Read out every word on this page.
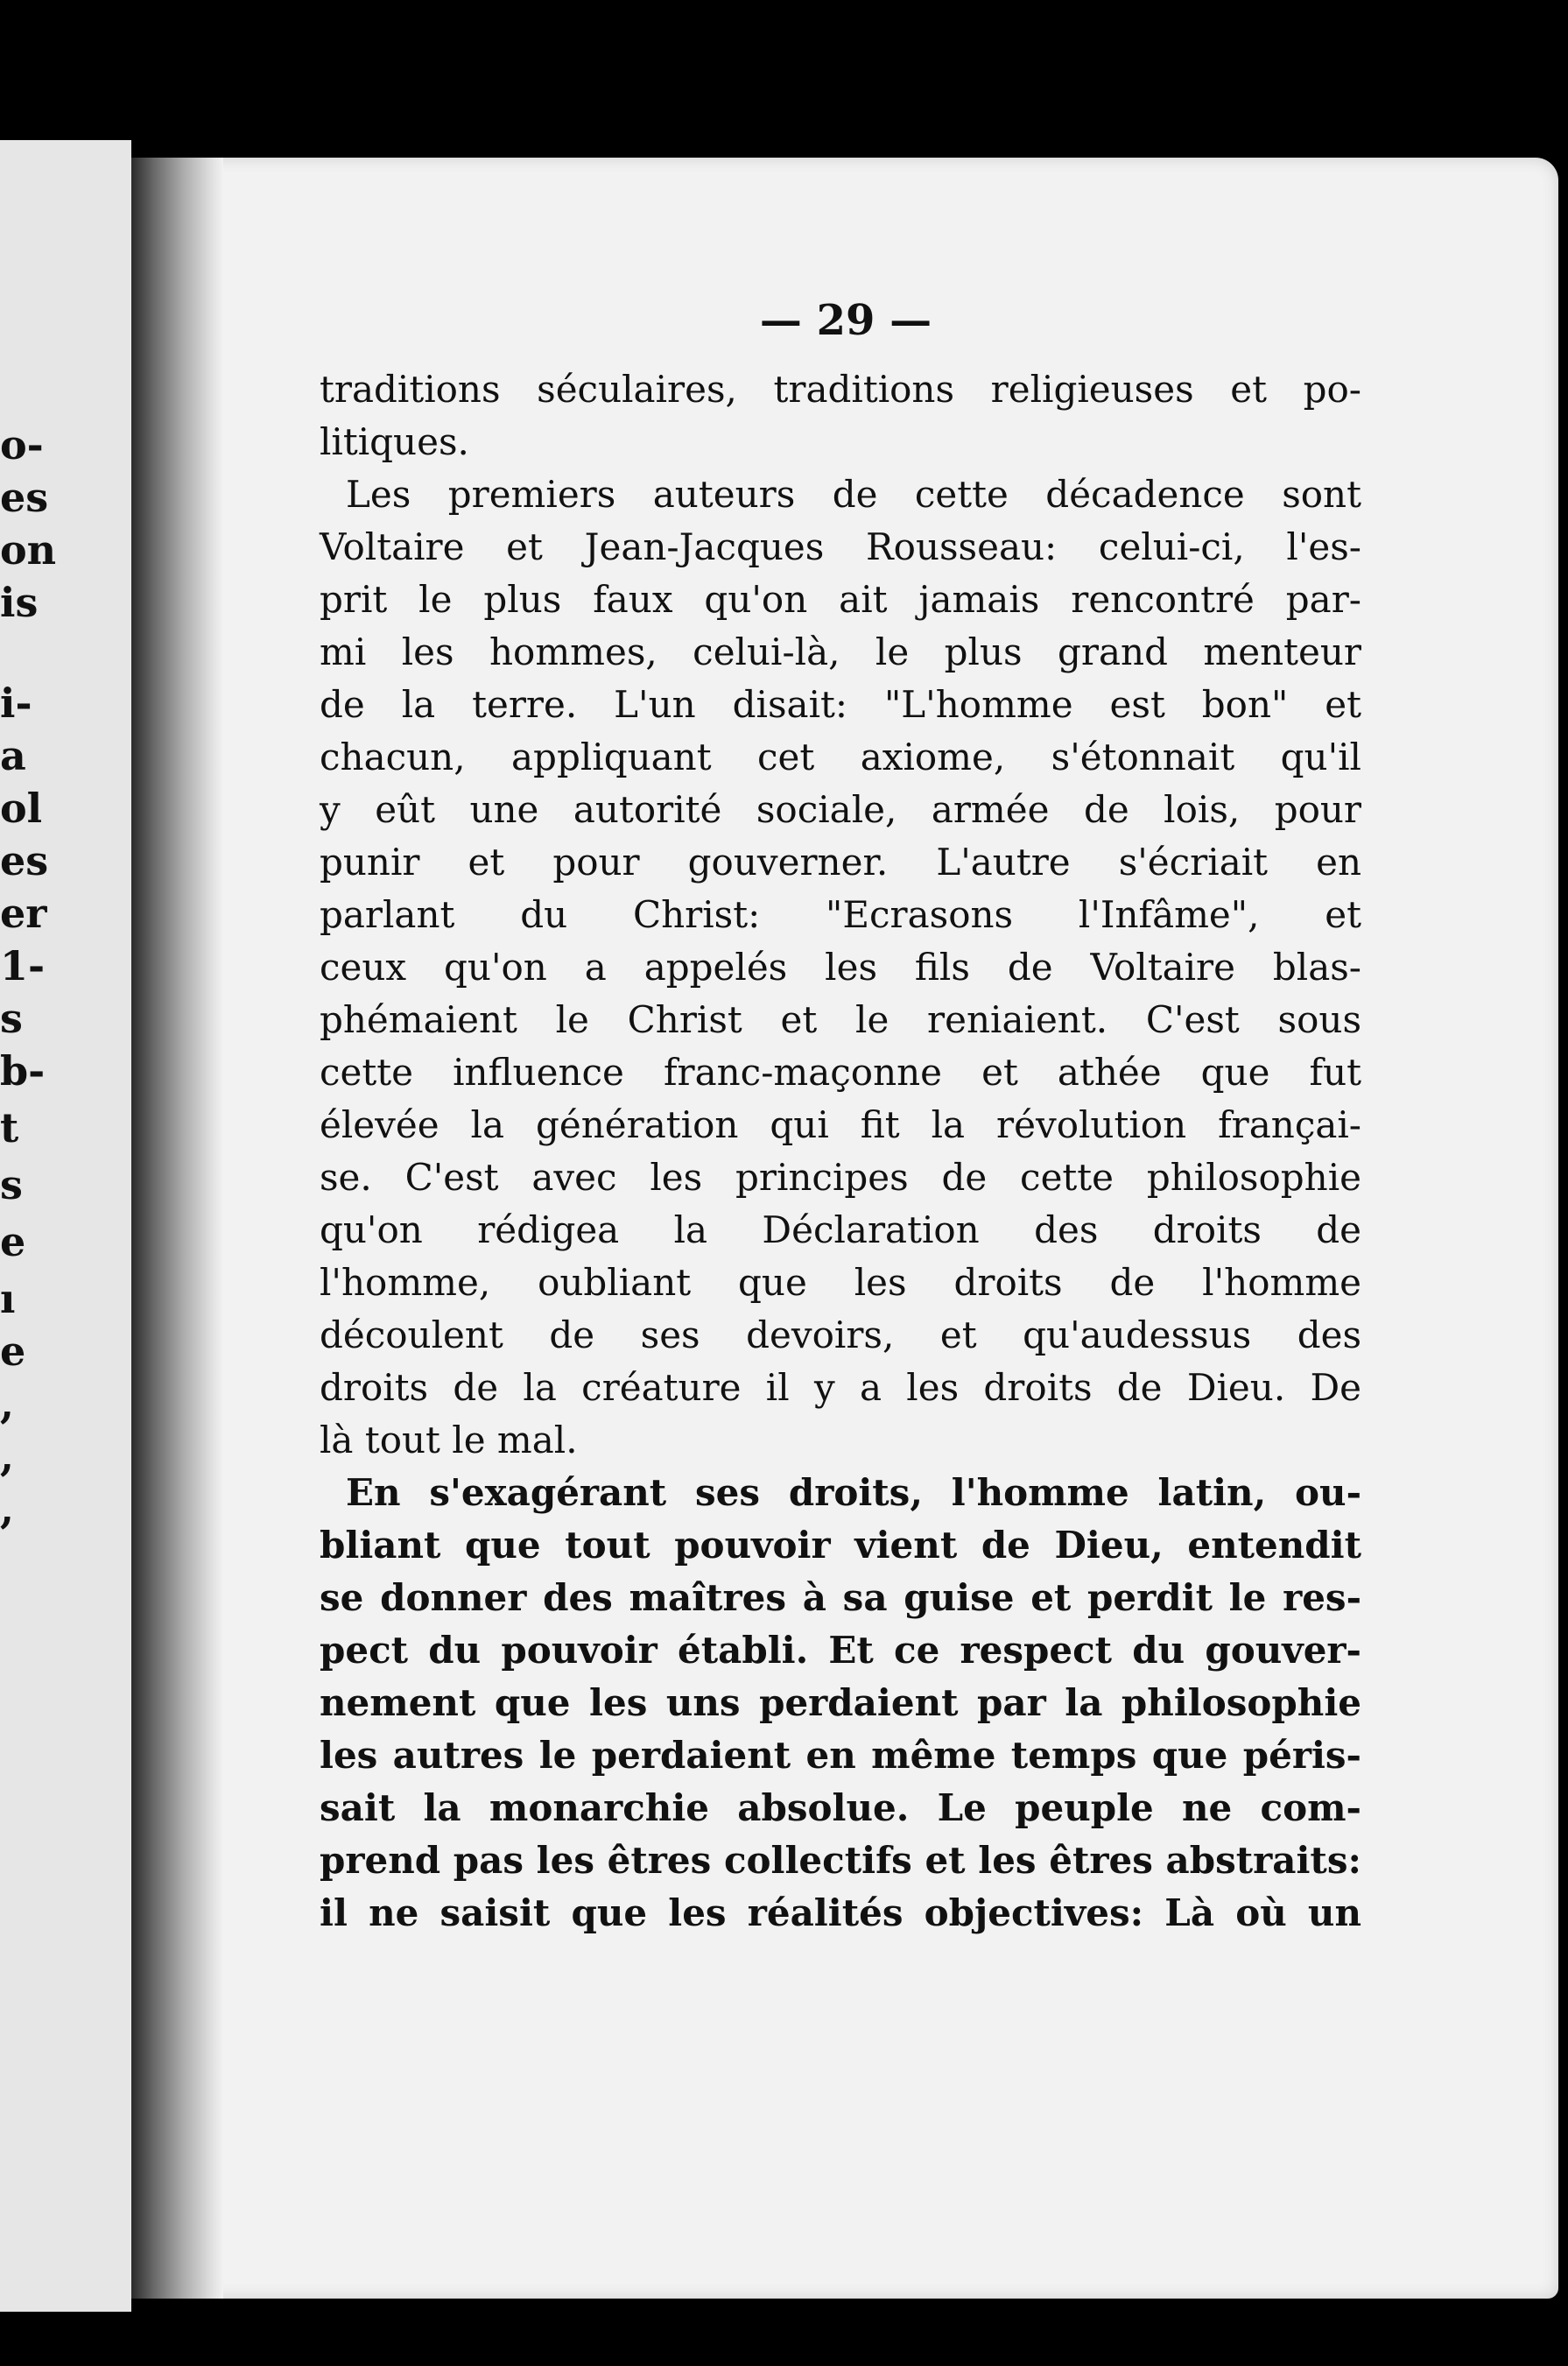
o-
es
on
is
i-
a
ol
es
er
1-
s
b-
t
s
e
ı
e
,
,
,
— 29 —
traditions séculaires, traditions religieuses et po-
litiques.
Les premiers auteurs de cette décadence sont
Voltaire et Jean-Jacques Rousseau: celui-ci, l'es-
prit le plus faux qu'on ait jamais rencontré par-
mi les hommes, celui-là, le plus grand menteur
de la terre. L'un disait: "L'homme est bon" et
chacun, appliquant cet axiome, s'étonnait qu'il
y eût une autorité sociale, armée de lois, pour
punir et pour gouverner. L'autre s'écriait en
parlant du Christ: "Ecrasons l'Infâme", et
ceux qu'on a appelés les fils de Voltaire blas-
phémaient le Christ et le reniaient. C'est sous
cette influence franc-maçonne et athée que fut
élevée la génération qui fit la révolution françai-
se. C'est avec les principes de cette philosophie
qu'on rédigea la Déclaration des droits de
l'homme, oubliant que les droits de l'homme
découlent de ses devoirs, et qu'audessus des
droits de la créature il y a les droits de Dieu. De
là tout le mal.
En s'exagérant ses droits, l'homme latin, ou-
bliant que tout pouvoir vient de Dieu, entendit
se donner des maîtres à sa guise et perdit le res-
pect du pouvoir établi. Et ce respect du gouver-
nement que les uns perdaient par la philosophie
les autres le perdaient en même temps que péris-
sait la monarchie absolue. Le peuple ne com-
prend pas les êtres collectifs et les êtres abstraits:
il ne saisit que les réalités objectives: Là où un
